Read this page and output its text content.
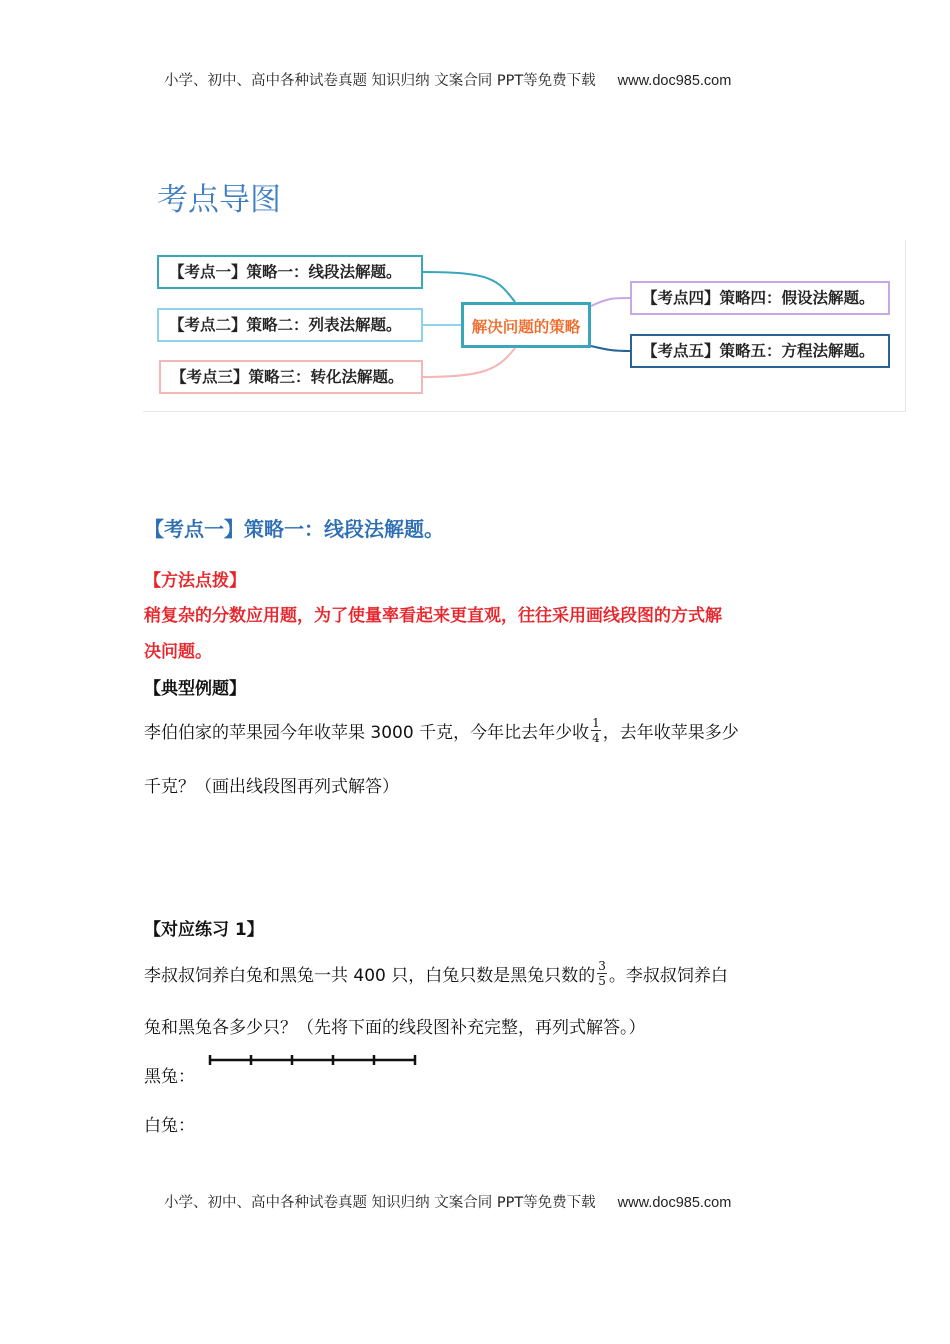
小学、初中、高中各种试卷真题 知识归纳 文案合同 PPT等免费下载 www.doc985.com
考点导图
【考点一】策略一：线段法解题。
【考点二】策略二：列表法解题。
【考点三】策略三：转化法解题。
解决问题的策略
【考点四】策略四：假设法解题。
【考点五】策略五：方程法解题。
【考点一】策略一：线段法解题。
【方法点拨】
稍复杂的分数应用题，为了使量率看起来更直观，往往采用画线段图的方式解
决问题。
【典型例题】
李伯伯家的苹果园今年收苹果 3000 千克，今年比去年少收 $\frac{1}{4}$ ，去年收苹果多少
千克？（画出线段图再列式解答）
【对应练习 1】
李叔叔饲养白兔和黑兔一共 400 只，白兔只数是黑兔只数的 $\frac{3}{5}$ 。李叔叔饲养白
兔和黑兔各多少只？（先将下面的线段图补充完整，再列式解答。）
黑兔：
白兔：
小学、初中、高中各种试卷真题 知识归纳 文案合同 PPT等免费下载 www.doc985.com
